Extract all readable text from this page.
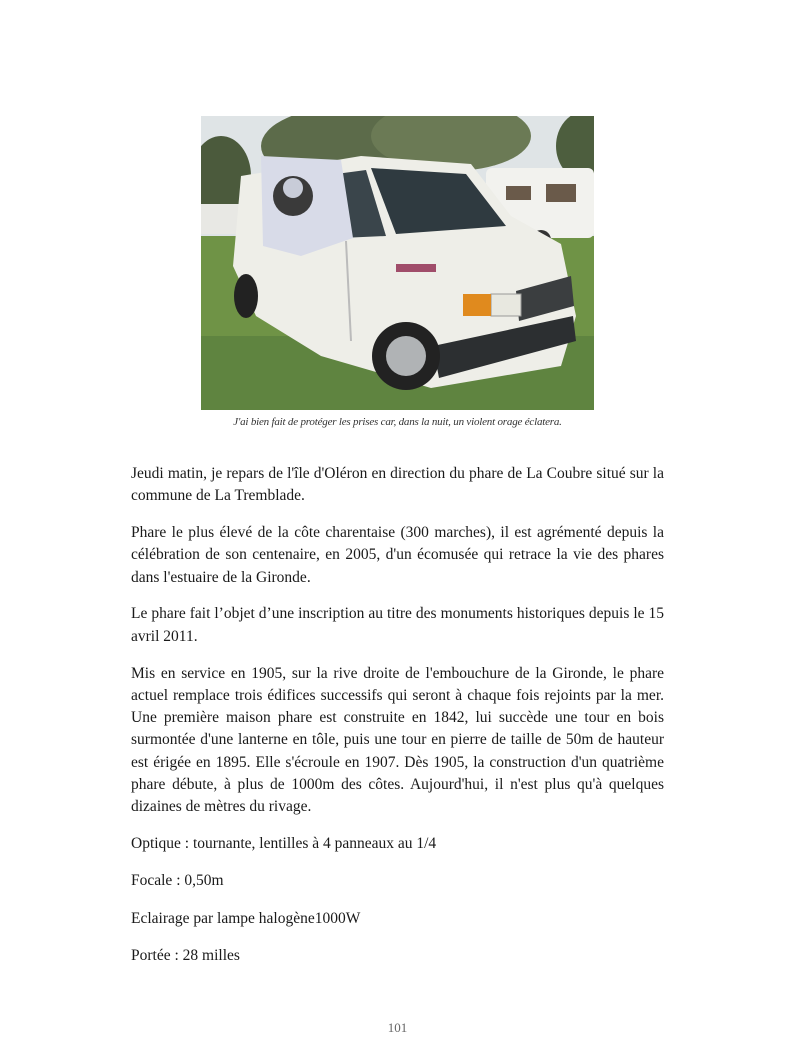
J'ai bien fait de protéger les prises car, dans la nuit, un violent orage éclatera.

Jeudi matin, je repars de l'île d'Oléron en direction du phare de La Coubre situé sur la commune de La Tremblade.

Phare le plus élevé de la côte charentaise (300 marches), il est agrémenté depuis la célébration de son centenaire, en 2005, d'un écomusée qui retrace la vie des phares dans l'estuaire de la Gironde.

Le phare fait l’objet d’une inscription au titre des monuments historiques depuis le 15 avril 2011.

Mis en service en 1905, sur la rive droite de l'embouchure de la Gironde, le phare actuel remplace trois édifices successifs qui seront à chaque fois rejoints par la mer. Une première maison phare est construite en 1842, lui succède une tour en bois surmontée d'une lanterne en tôle, puis une tour en pierre de taille de 50m de hauteur est érigée en 1895. Elle s'écroule en 1907. Dès 1905, la construction d'un quatrième phare débute, à plus de 1000m des côtes. Aujourd'hui, il n'est plus qu'à quelques dizaines de mètres du rivage.

Optique : tournante, lentilles à 4 panneaux au 1/4

Focale : 0,50m

Eclairage par lampe halogène1000W

Portée : 28 milles

101
